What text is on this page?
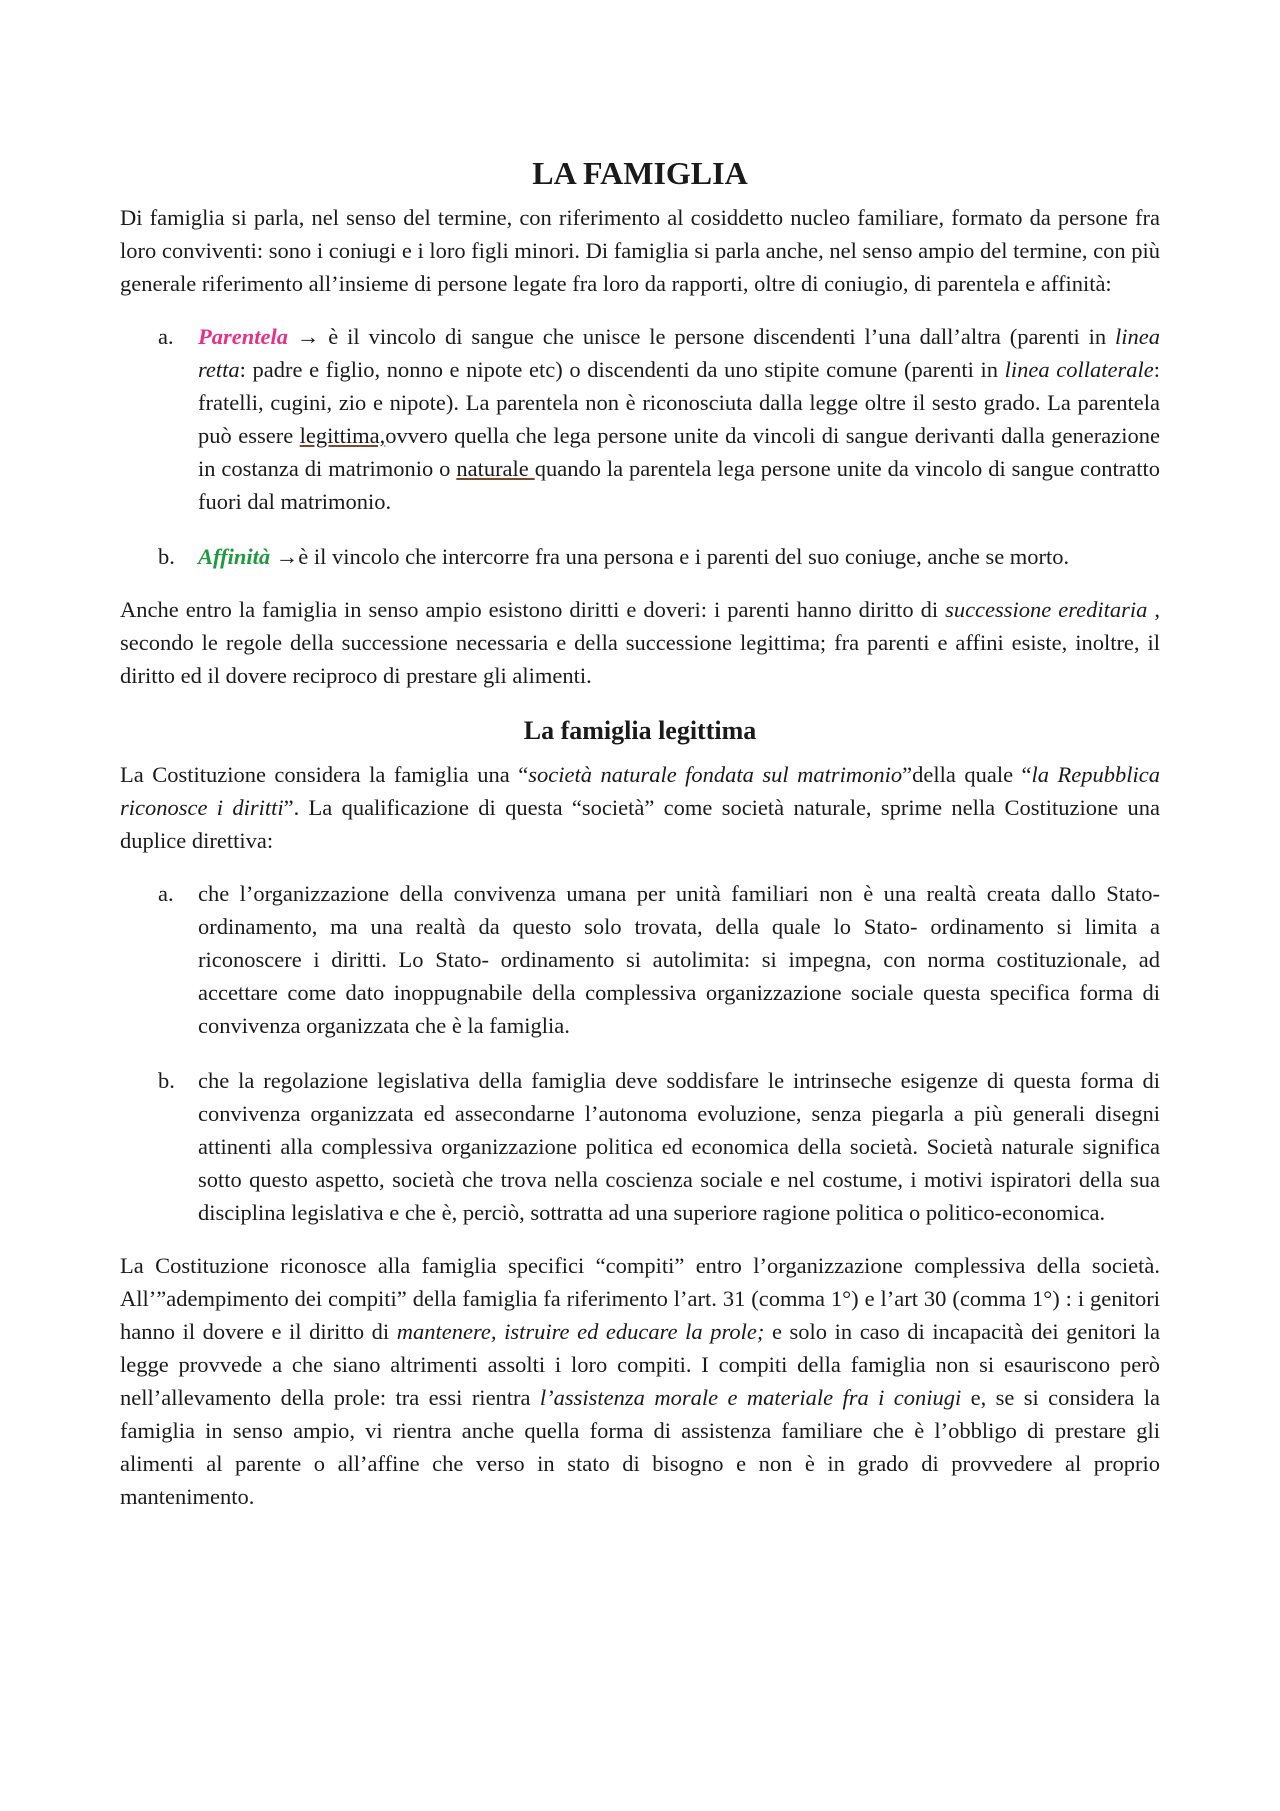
LA FAMIGLIA

Di famiglia si parla, nel senso del termine, con riferimento al cosiddetto nucleo familiare, formato da persone fra loro conviventi: sono i coniugi e i loro figli minori. Di famiglia si parla anche, nel senso ampio del termine, con più generale riferimento all’insieme di persone legate fra loro da rapporti, oltre di coniugio, di parentela e affinità:

a. Parentela → è il vincolo di sangue che unisce le persone discendenti l’una dall’altra (parenti in linea retta: padre e figlio, nonno e nipote etc) o discendenti da uno stipite comune (parenti in linea collaterale: fratelli, cugini, zio e nipote). La parentela non è riconosciuta dalla legge oltre il sesto grado. La parentela può essere legittima,ovvero quella che lega persone unite da vincoli di sangue derivanti dalla generazione in costanza di matrimonio o naturale quando la parentela lega persone unite da vincolo di sangue contratto fuori dal matrimonio.
b. Affinità →è il vincolo che intercorre fra una persona e i parenti del suo coniuge, anche se morto.

Anche entro la famiglia in senso ampio esistono diritti e doveri: i parenti hanno diritto di successione ereditaria , secondo le regole della successione necessaria e della successione legittima; fra parenti e affini esiste, inoltre, il diritto ed il dovere reciproco di prestare gli alimenti.

La famiglia legittima

La Costituzione considera la famiglia una “società naturale fondata sul matrimonio”della quale “la Repubblica riconosce i diritti”. La qualificazione di questa “società” come società naturale, sprime nella Costituzione una duplice direttiva:

a. che l’organizzazione della convivenza umana per unità familiari non è una realtà creata dallo Stato- ordinamento, ma una realtà da questo solo trovata, della quale lo Stato- ordinamento si limita a riconoscere i diritti. Lo Stato- ordinamento si autolimita: si impegna, con norma costituzionale, ad accettare come dato inoppugnabile della complessiva organizzazione sociale questa specifica forma di convivenza organizzata che è la famiglia.
b. che la regolazione legislativa della famiglia deve soddisfare le intrinseche esigenze di questa forma di convivenza organizzata ed assecondarne l’autonoma evoluzione, senza piegarla a più generali disegni attinenti alla complessiva organizzazione politica ed economica della società. Società naturale significa sotto questo aspetto, società che trova nella coscienza sociale e nel costume, i motivi ispiratori della sua disciplina legislativa e che è, perciò, sottratta ad una superiore ragione politica o politico-economica.

La Costituzione riconosce alla famiglia specifici “compiti” entro l’organizzazione complessiva della società. All’”adempimento dei compiti” della famiglia fa riferimento l’art. 31 (comma 1°) e l’art 30 (comma 1°) : i genitori hanno il dovere e il diritto di mantenere, istruire ed educare la prole; e solo in caso di incapacità dei genitori la legge provvede a che siano altrimenti assolti i loro compiti. I compiti della famiglia non si esauriscono però nell’allevamento della prole: tra essi rientra l’assistenza morale e materiale fra i coniugi e, se si considera la famiglia in senso ampio, vi rientra anche quella forma di assistenza familiare che è l’obbligo di prestare gli alimenti al parente o all’affine che verso in stato di bisogno e non è in grado di provvedere al proprio mantenimento.
